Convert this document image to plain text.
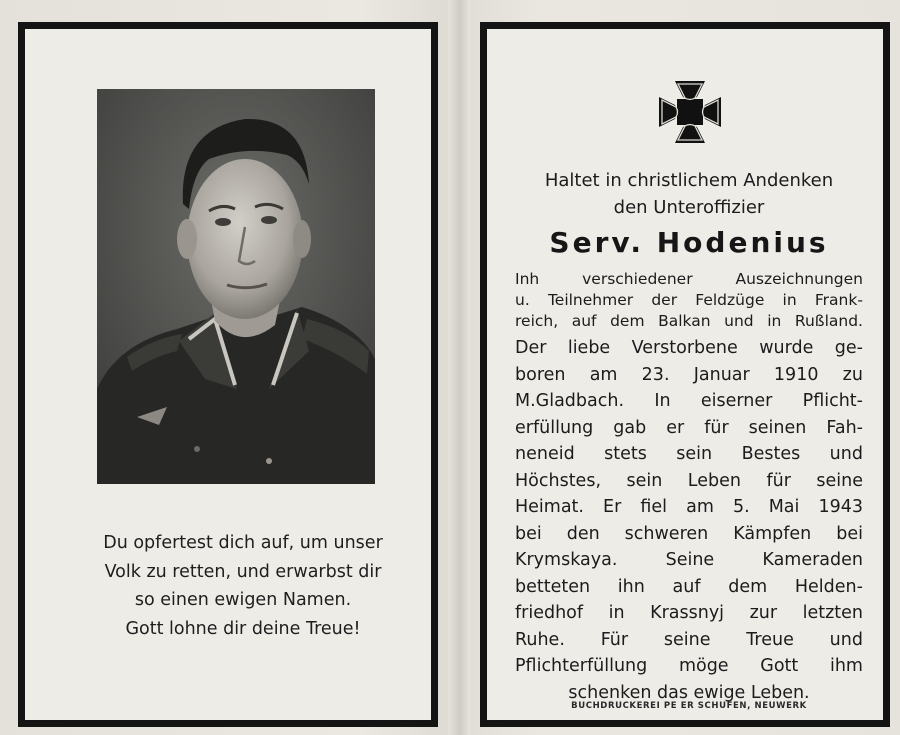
Du opfertest dich auf, um unser
Volk zu retten, und erwarbst dir
so einen ewigen Namen.
Gott lohne dir deine Treue!
Haltet in christlichem Andenken
den Unteroffizier
Serv. Hodenius
Inh	verschiedener	Auszeichnungen
u. Teilnehmer der Feldzüge in Frank-
reich, auf dem Balkan und in Rußland.
Der liebe Verstorbene wurde ge-
boren am 23. Januar 1910 zu
M.Gladbach. In eiserner Pflicht-
erfüllung gab er für seinen Fah-
neneid stets sein Bestes und
Höchstes, sein Leben für seine
Heimat. Er fiel am 5. Mai 1943
bei den schweren Kämpfen bei
Krymskaya.	Seine	Kameraden
betteten ihn auf dem Helden-
friedhof in Krassnyj zur letzten
Ruhe. Für seine Treue und
Pflichterfüllung möge Gott ihm
schenken das ewige Leben.
BUCHDRUCKEREI PE ER SCHUFEN, NEUWERK
